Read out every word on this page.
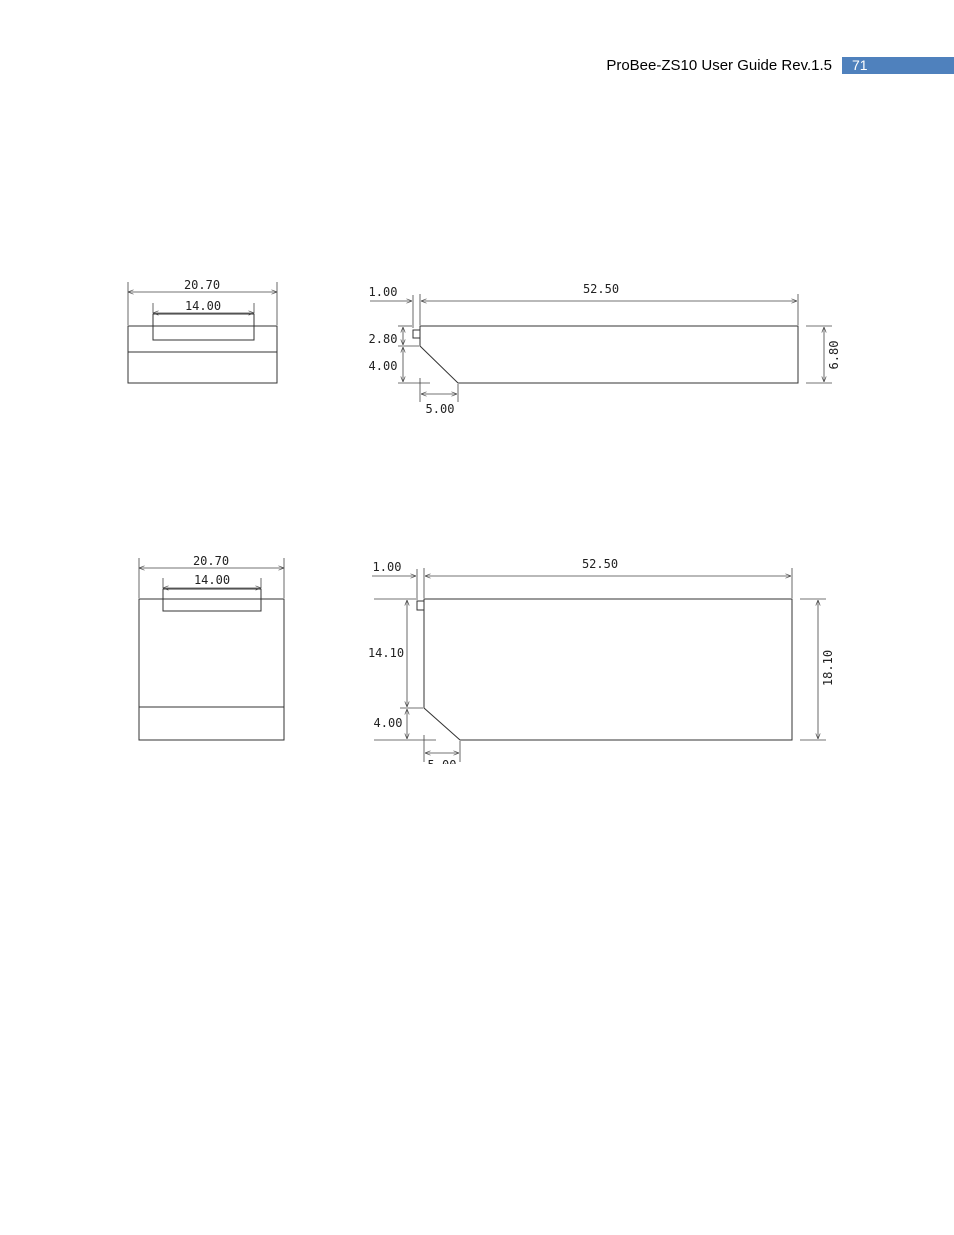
ProBee-ZS10 User Guide Rev.1.5 71
20.70
14.00
1.00	52.50
2.80
4.00	6.80
5.00
20.70
14.00
1.00	52.50
14.10
4.00
18.10
5.00
